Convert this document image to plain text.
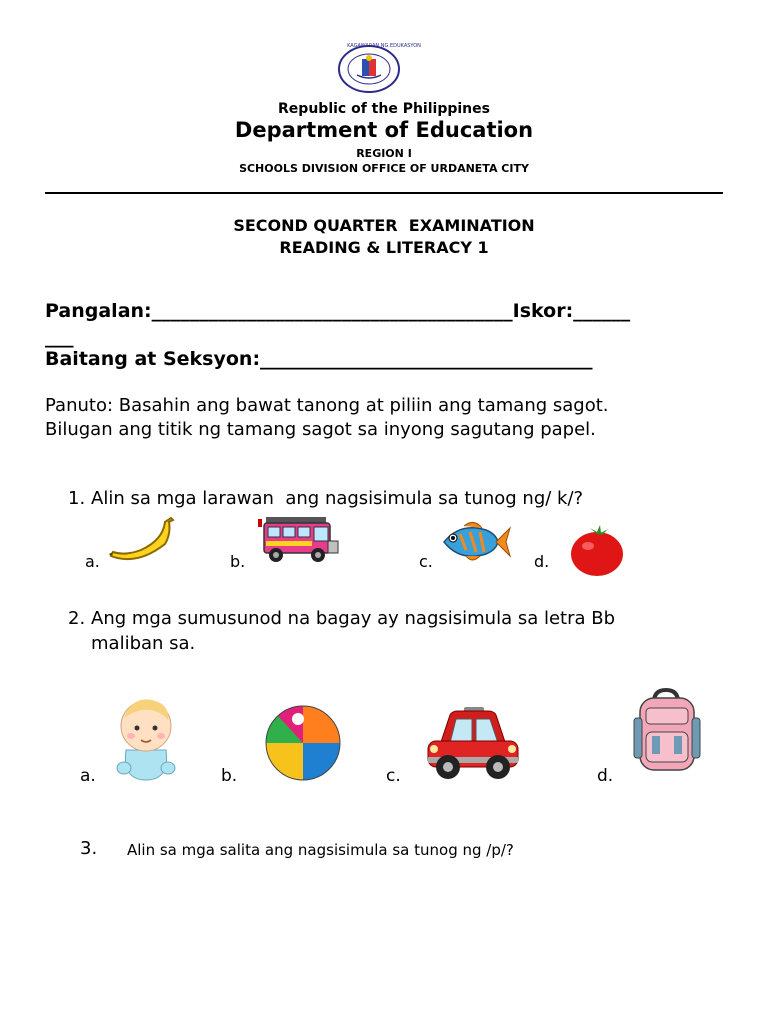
KAGAWARAN NG EDUKASYON
Republic of the Philippines
Department of Education
REGION I
SCHOOLS DIVISION OFFICE OF URDANETA CITY
SECOND QUARTER  EXAMINATION
READING & LITERACY 1
Pangalan:______________________________________Iskor:______
___
Baitang at Seksyon:___________________________________
Panuto: Basahin ang bawat tanong at piliin ang tamang sagot.
Bilugan ang titik ng tamang sagot sa inyong sagutang papel.
1. Alin sa mga larawan  ang nagsisimula sa tunog ng/ k/?
a.	b.	c.	d.
2. Ang mga sumusunod na bagay ay nagsisimula sa letra Bb
maliban sa.
a.	b.	c.	d.
3. Alin sa mga salita ang nagsisimula sa tunog ng /p/?
